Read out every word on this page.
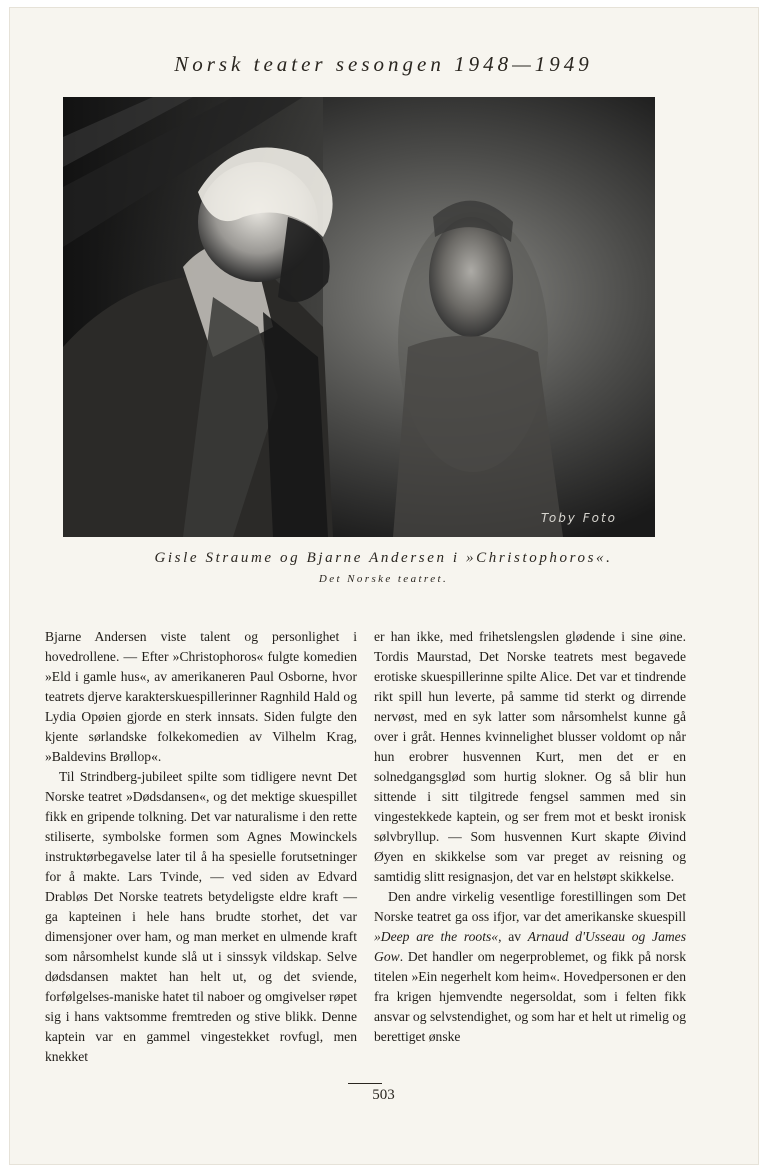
Norsk teater sesongen 1948—1949
Toby Foto
Gisle Straume og Bjarne Andersen i »Christophoros«.
Det Norske teatret.

Bjarne Andersen viste talent og personlighet i hovedrollene. — Efter »Christophoros« fulgte komedien »Eld i gamle hus«, av amerikaneren Paul Osborne, hvor teatrets djerve karakterskuespillerinner Ragnhild Hald og Lydia Opøien gjorde en sterk innsats. Siden fulgte den kjente sørlandske folkekomedien av Vilhelm Krag, »Baldevins Brøllop«.

Til Strindberg-jubileet spilte som tidligere nevnt Det Norske teatret »Dødsdansen«, og det mektige skuespillet fikk en gripende tolkning. Det var naturalisme i den rette stiliserte, symbolske formen som Agnes Mowinckels instruktørbegavelse later til å ha spesielle forutsetninger for å makte. Lars Tvinde, — ved siden av Edvard Drabløs Det Norske teatrets betydeligste eldre kraft — ga kapteinen i hele hans brudte storhet, det var dimensjoner over ham, og man merket en ulmende kraft som nårsomhelst kunde slå ut i sinssyk vildskap. Selve dødsdansen maktet han helt ut, og det sviende, forfølgelses-maniske hatet til naboer og omgivelser røpet sig i hans vaktsomme fremtreden og stive blikk. Denne kaptein var en gammel vingestekket rovfugl, men knekket

er han ikke, med frihetslengslen glødende i sine øine. Tordis Maurstad, Det Norske teatrets mest begavede erotiske skuespillerinne spilte Alice. Det var et tindrende rikt spill hun leverte, på samme tid sterkt og dirrende nervøst, med en syk latter som nårsomhelst kunne gå over i gråt. Hennes kvinnelighet blusser voldomt op når hun erobrer husvennen Kurt, men det er en solnedgangsglød som hurtig slokner. Og så blir hun sittende i sitt tilgitrede fengsel sammen med sin vingestekkede kaptein, og ser frem mot et beskt ironisk sølvbryllup. — Som husvennen Kurt skapte Øivind Øyen en skikkelse som var preget av reisning og samtidig slitt resignasjon, det var en helstøpt skikkelse.

Den andre virkelig vesentlige forestillingen som Det Norske teatret ga oss ifjor, var det amerikanske skuespill »Deep are the roots«, av Arnaud d'Usseau og James Gow. Det handler om negerproblemet, og fikk på norsk titelen »Ein negerhelt kom heim«. Hovedpersonen er den fra krigen hjemvendte negersoldat, som i felten fikk ansvar og selvstendighet, og som har et helt ut rimelig og berettiget ønske

503
